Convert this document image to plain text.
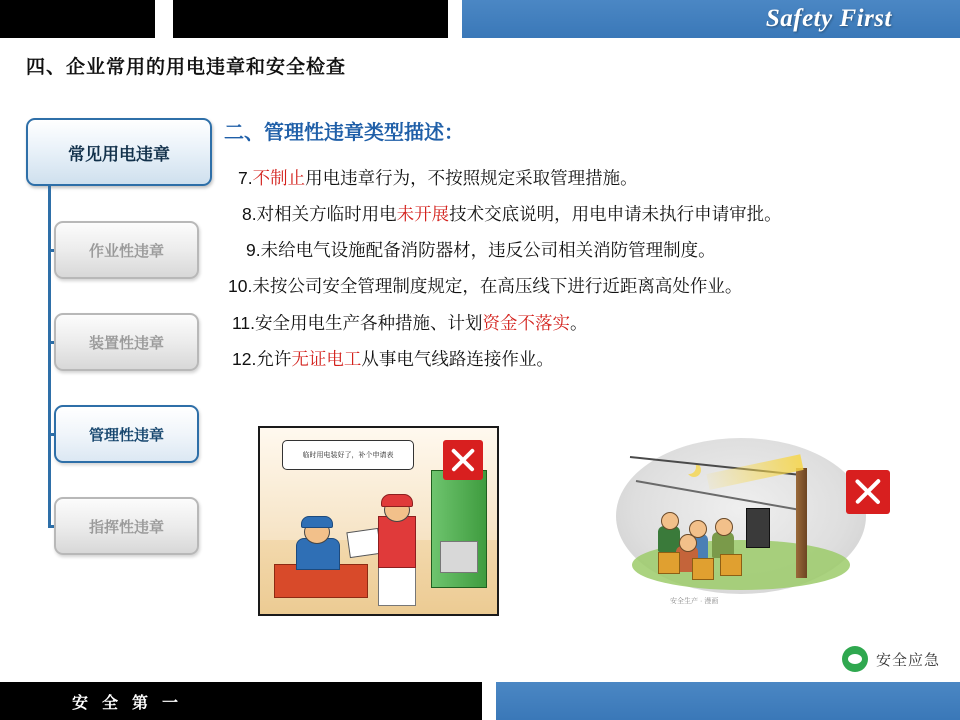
Safety First
四、企业常用的用电违章和安全检查
常见用电违章
作业性违章
装置性违章
管理性违章
指挥性违章
二、管理性违章类型描述：
7.不制止用电违章行为，不按照规定采取管理措施。
8.对相关方临时用电未开展技术交底说明，用电申请未执行申请审批。
9.未给电气设施配备消防器材，违反公司相关消防管理制度。
10.未按公司安全管理制度规定，在高压线下进行近距离高处作业。
11.安全用电生产各种措施、计划资金不落实。
12.允许无证电工从事电气线路连接作业。
临时用电装好了，补个申请表
安全生产 · 漫画
安全应急
安 全 第 一
